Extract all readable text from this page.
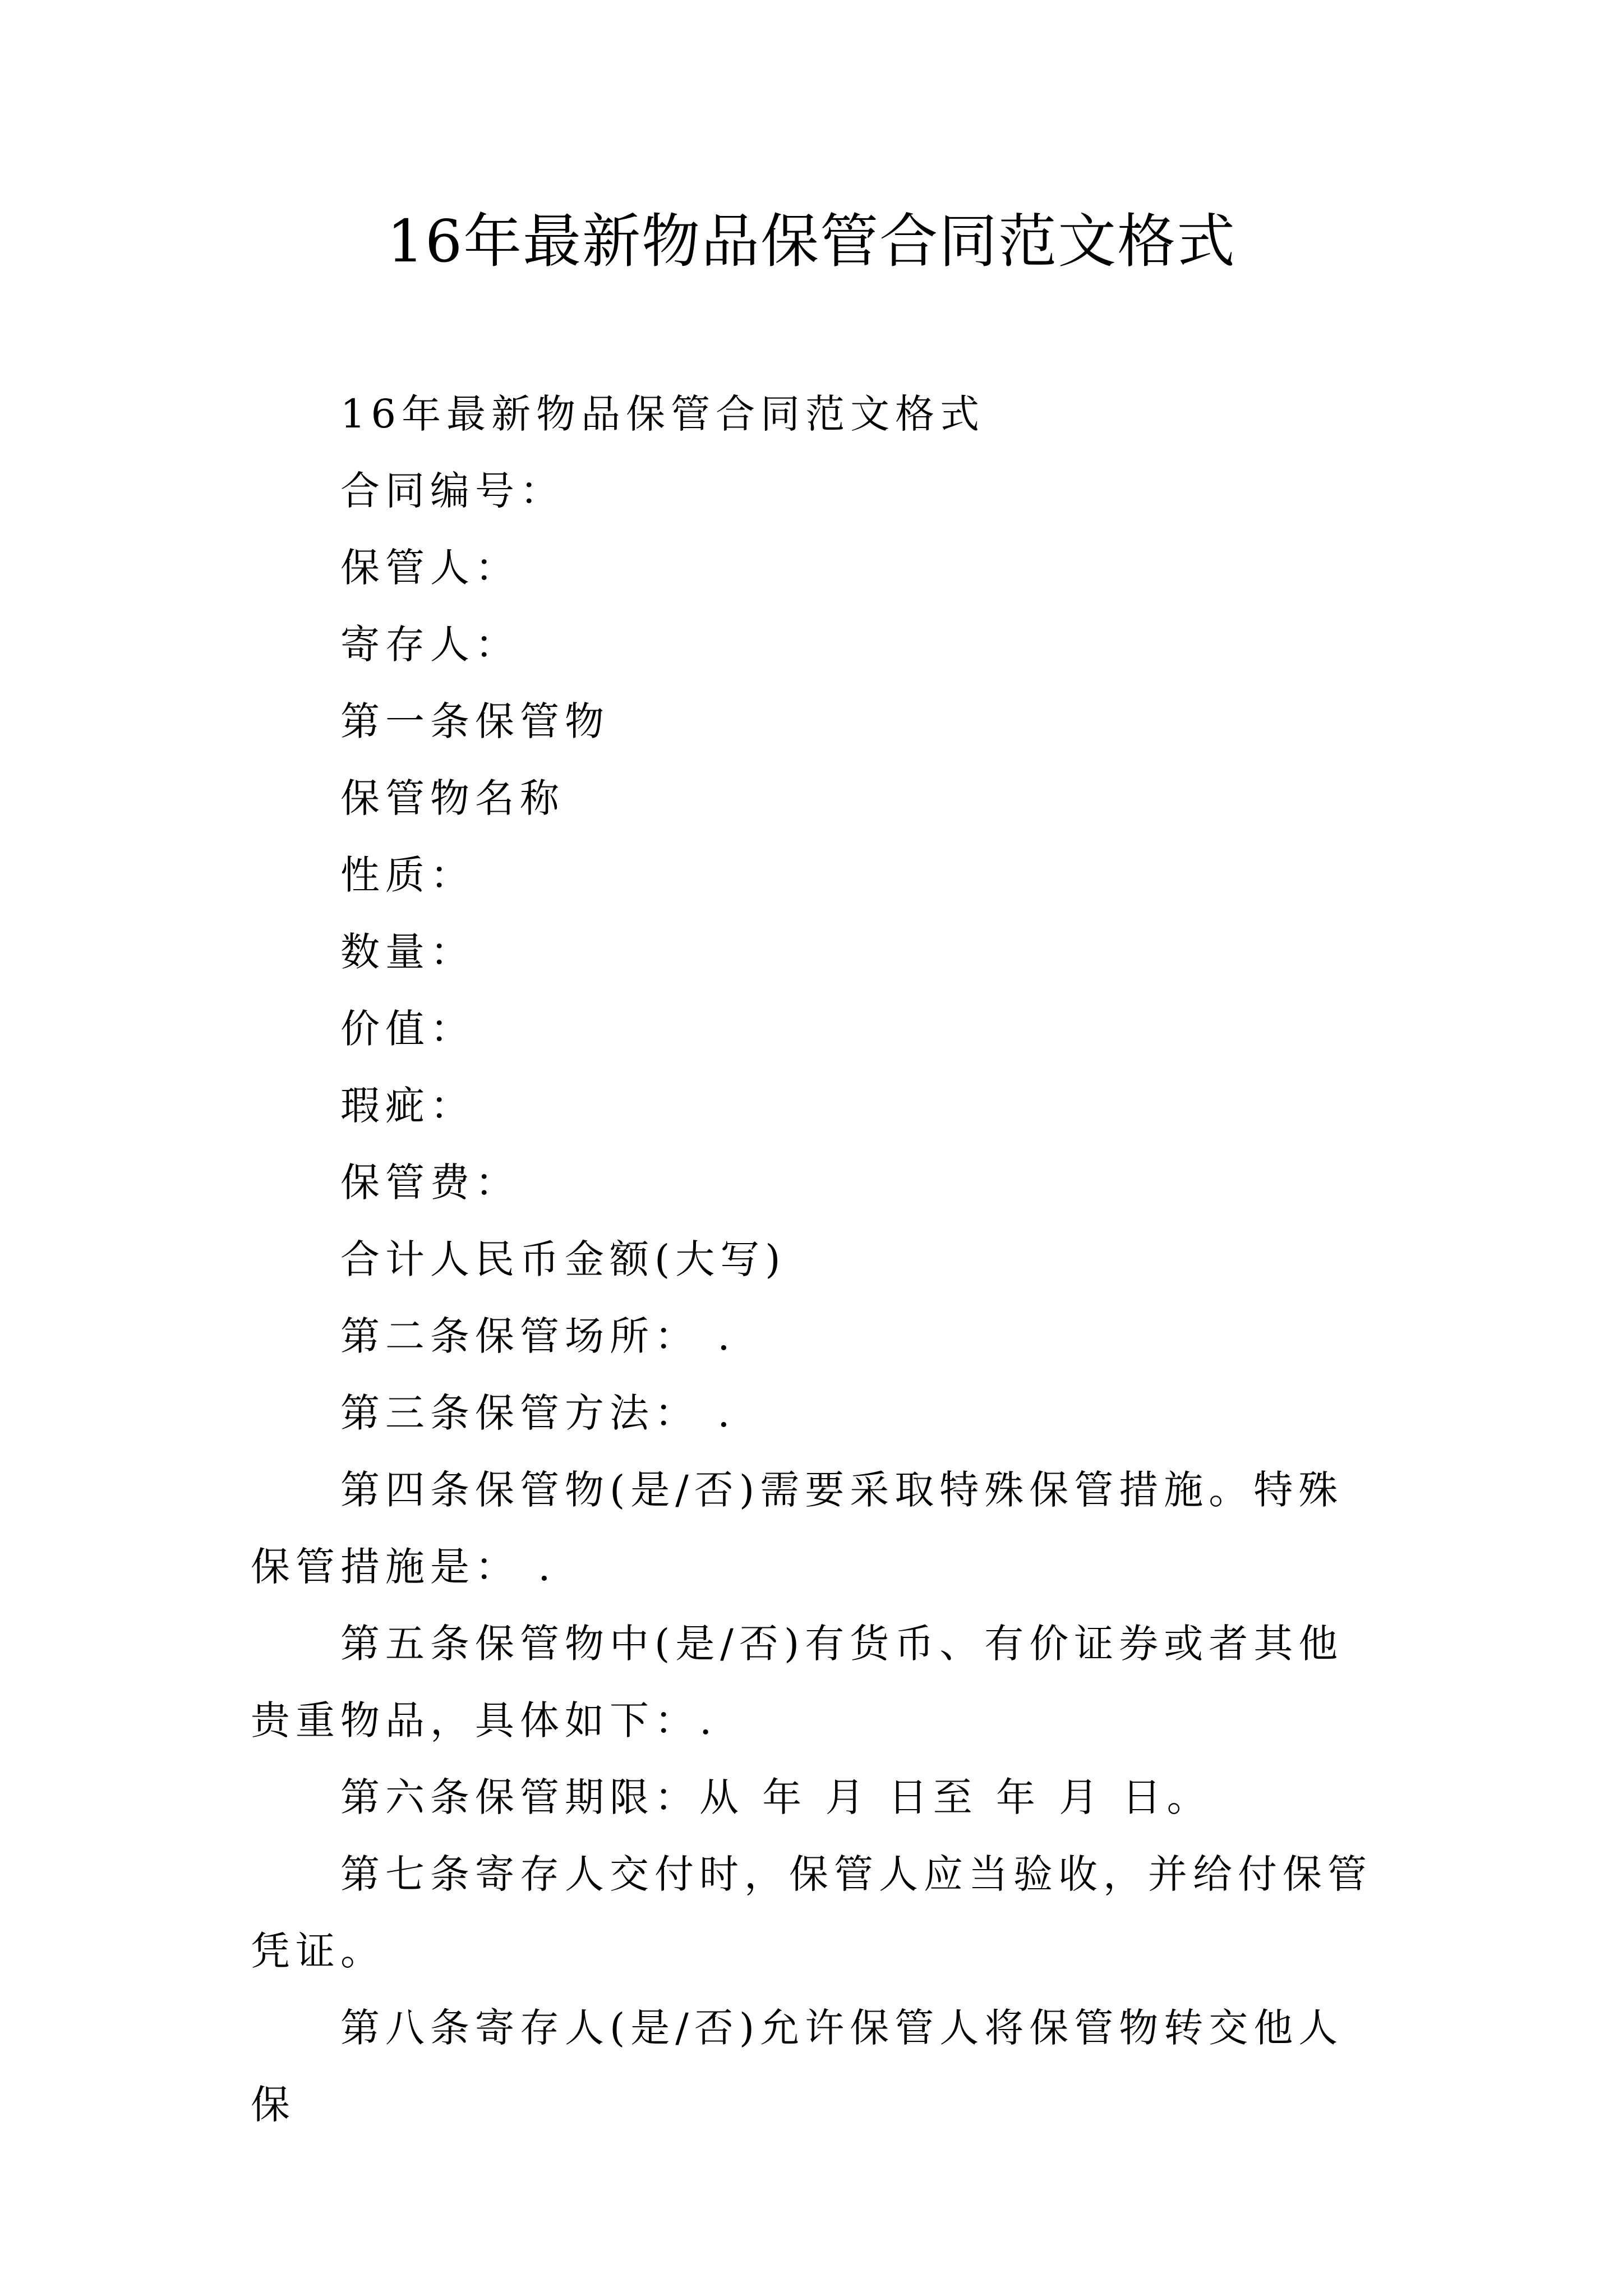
16年最新物品保管合同范文格式

16年最新物品保管合同范文格式

合同编号：

保管人：

寄存人：

第一条保管物

保管物名称

性质：

数量：

价值：

瑕疵：

保管费：

合计人民币金额(大写)

第二条保管场所： .

第三条保管方法： .

第四条保管物(是/否)需要采取特殊保管措施。特殊保管措施是： .

第五条保管物中(是/否)有货币、有价证券或者其他贵重物品，具体如下：.

第六条保管期限：从 年 月 日至 年 月 日。

第七条寄存人交付时，保管人应当验收，并给付保管凭证。

第八条寄存人(是/否)允许保管人将保管物转交他人保
